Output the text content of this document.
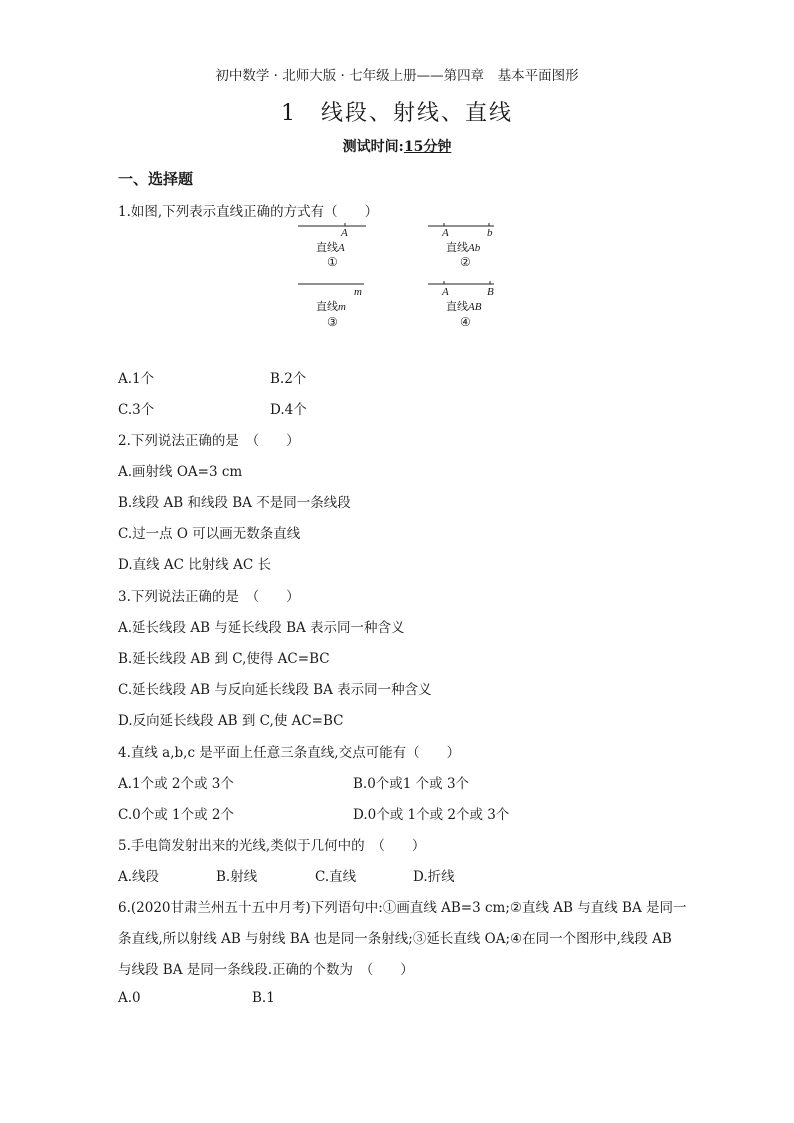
初中数学 · 北师大版 · 七年级上册——第四章　基本平面图形
1　线段、射线、直线
测试时间:15分钟
一、选择题
1.如图,下列表示直线正确的方式有（　　）
A
直线A
①
A	b
直线Ab
②
m
直线m
③
A	B
直线AB
④
A.1个	B.2个
C.3个	D.4个
2.下列说法正确的是　（　　）
A.画射线 OA=3 cm
B.线段 AB 和线段 BA 不是同一条线段
C.过一点 O 可以画无数条直线
D.直线 AC 比射线 AC 长
3.下列说法正确的是　（　　）
A.延长线段 AB 与延长线段 BA 表示同一种含义
B.延长线段 AB 到 C,使得 AC=BC
C.延长线段 AB 与反向延长线段 BA 表示同一种含义
D.反向延长线段 AB 到 C,使 AC=BC
4.直线 a,b,c 是平面上任意三条直线,交点可能有（　　）
A.1个或 2个或 3个	B.0个或1 个或 3个
C.0个或 1个或 2个	D.0个或 1个或 2个或 3个
5.手电筒发射出来的光线,类似于几何中的　（　　）
A.线段	B.射线	C.直线	D.折线
6.(2020甘肃兰州五十五中月考)下列语句中:①画直线 AB=3 cm;②直线 AB 与直线 BA 是同一
条直线,所以射线 AB 与射线 BA 也是同一条射线;③延长直线 OA;④在同一个图形中,线段 AB
与线段 BA 是同一条线段.正确的个数为　（　　）
A.0	B.1
